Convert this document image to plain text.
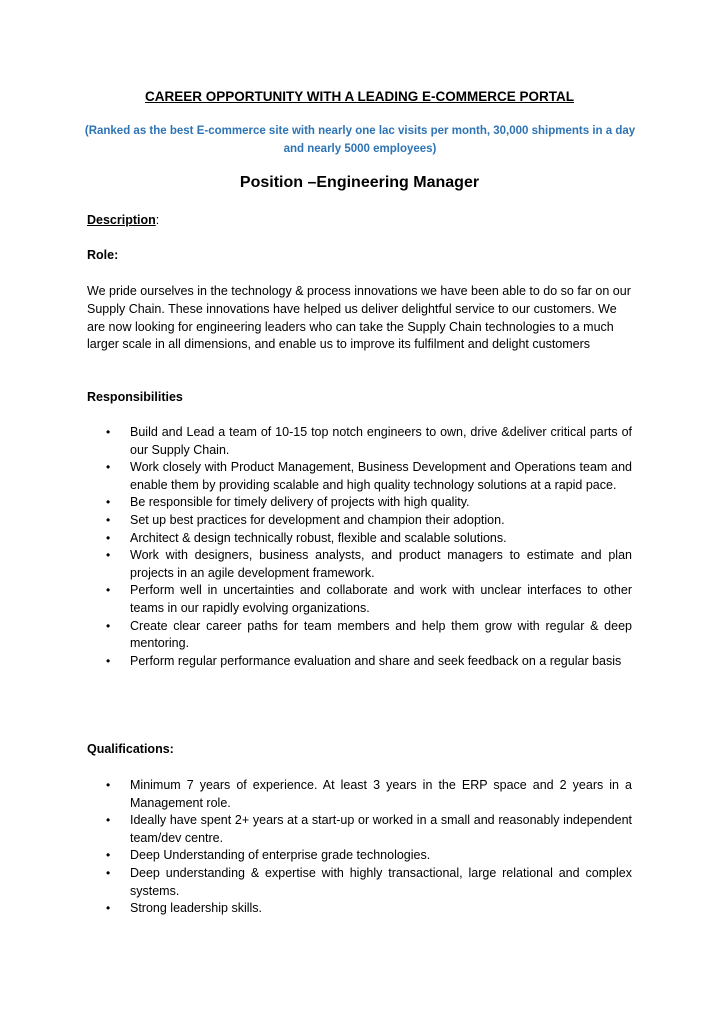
CAREER OPPORTUNITY WITH A LEADING E-COMMERCE PORTAL
(Ranked as the best E-commerce site with nearly one lac visits per month, 30,000 shipments in a day and nearly 5000 employees)
Position –Engineering Manager
Description:
Role:
We pride ourselves in the technology & process innovations we have been able to do so far on our Supply Chain. These innovations have helped us deliver delightful service to our customers. We are now looking for engineering leaders who can take the Supply Chain technologies to a much larger scale in all dimensions, and enable us to improve its fulfilment and delight customers
Responsibilities
• Build and Lead a team of 10-15 top notch engineers to own, drive &deliver critical parts of our Supply Chain.
• Work closely with Product Management, Business Development and Operations team and enable them by providing scalable and high quality technology solutions at a rapid pace.
• Be responsible for timely delivery of projects with high quality.
• Set up best practices for development and champion their adoption.
• Architect & design technically robust, flexible and scalable solutions.
• Work with designers, business analysts, and product managers to estimate and plan projects in an agile development framework.
• Perform well in uncertainties and collaborate and work with unclear interfaces to other teams in our rapidly evolving organizations.
• Create clear career paths for team members and help them grow with regular & deep mentoring.
• Perform regular performance evaluation and share and seek feedback on a regular basis
Qualifications:
• Minimum 7 years of experience. At least 3 years in the ERP space and 2 years in a Management role.
• Ideally have spent 2+ years at a start-up or worked in a small and reasonably independent team/dev centre.
• Deep Understanding of enterprise grade technologies.
• Deep understanding & expertise with highly transactional, large relational and complex systems.
• Strong leadership skills.
